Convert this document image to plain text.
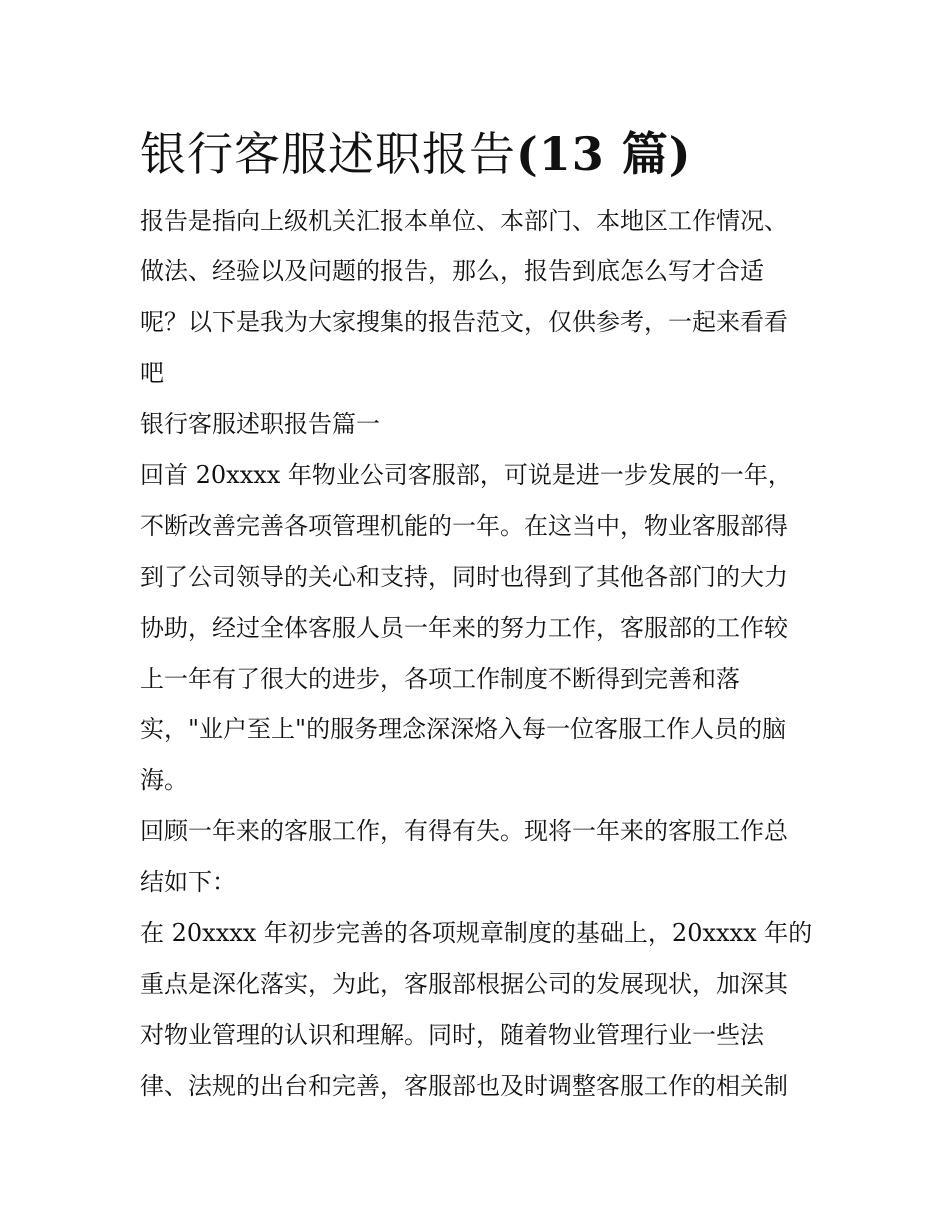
银行客服述职报告(13 篇)

报告是指向上级机关汇报本单位、本部门、本地区工作情况、

做法、经验以及问题的报告，那么，报告到底怎么写才合适

呢？以下是我为大家搜集的报告范文，仅供参考，一起来看看

吧

银行客服述职报告篇一

回首 20xxxx 年物业公司客服部，可说是进一步发展的一年，

不断改善完善各项管理机能的一年。在这当中，物业客服部得

到了公司领导的关心和支持，同时也得到了其他各部门的大力

协助，经过全体客服人员一年来的努力工作，客服部的工作较

上一年有了很大的进步，各项工作制度不断得到完善和落

实，"业户至上"的服务理念深深烙入每一位客服工作人员的脑

海。

回顾一年来的客服工作，有得有失。现将一年来的客服工作总

结如下：

在 20xxxx 年初步完善的各项规章制度的基础上，20xxxx 年的

重点是深化落实，为此，客服部根据公司的发展现状，加深其

对物业管理的认识和理解。同时，随着物业管理行业一些法

律、法规的出台和完善，客服部也及时调整客服工作的相关制
